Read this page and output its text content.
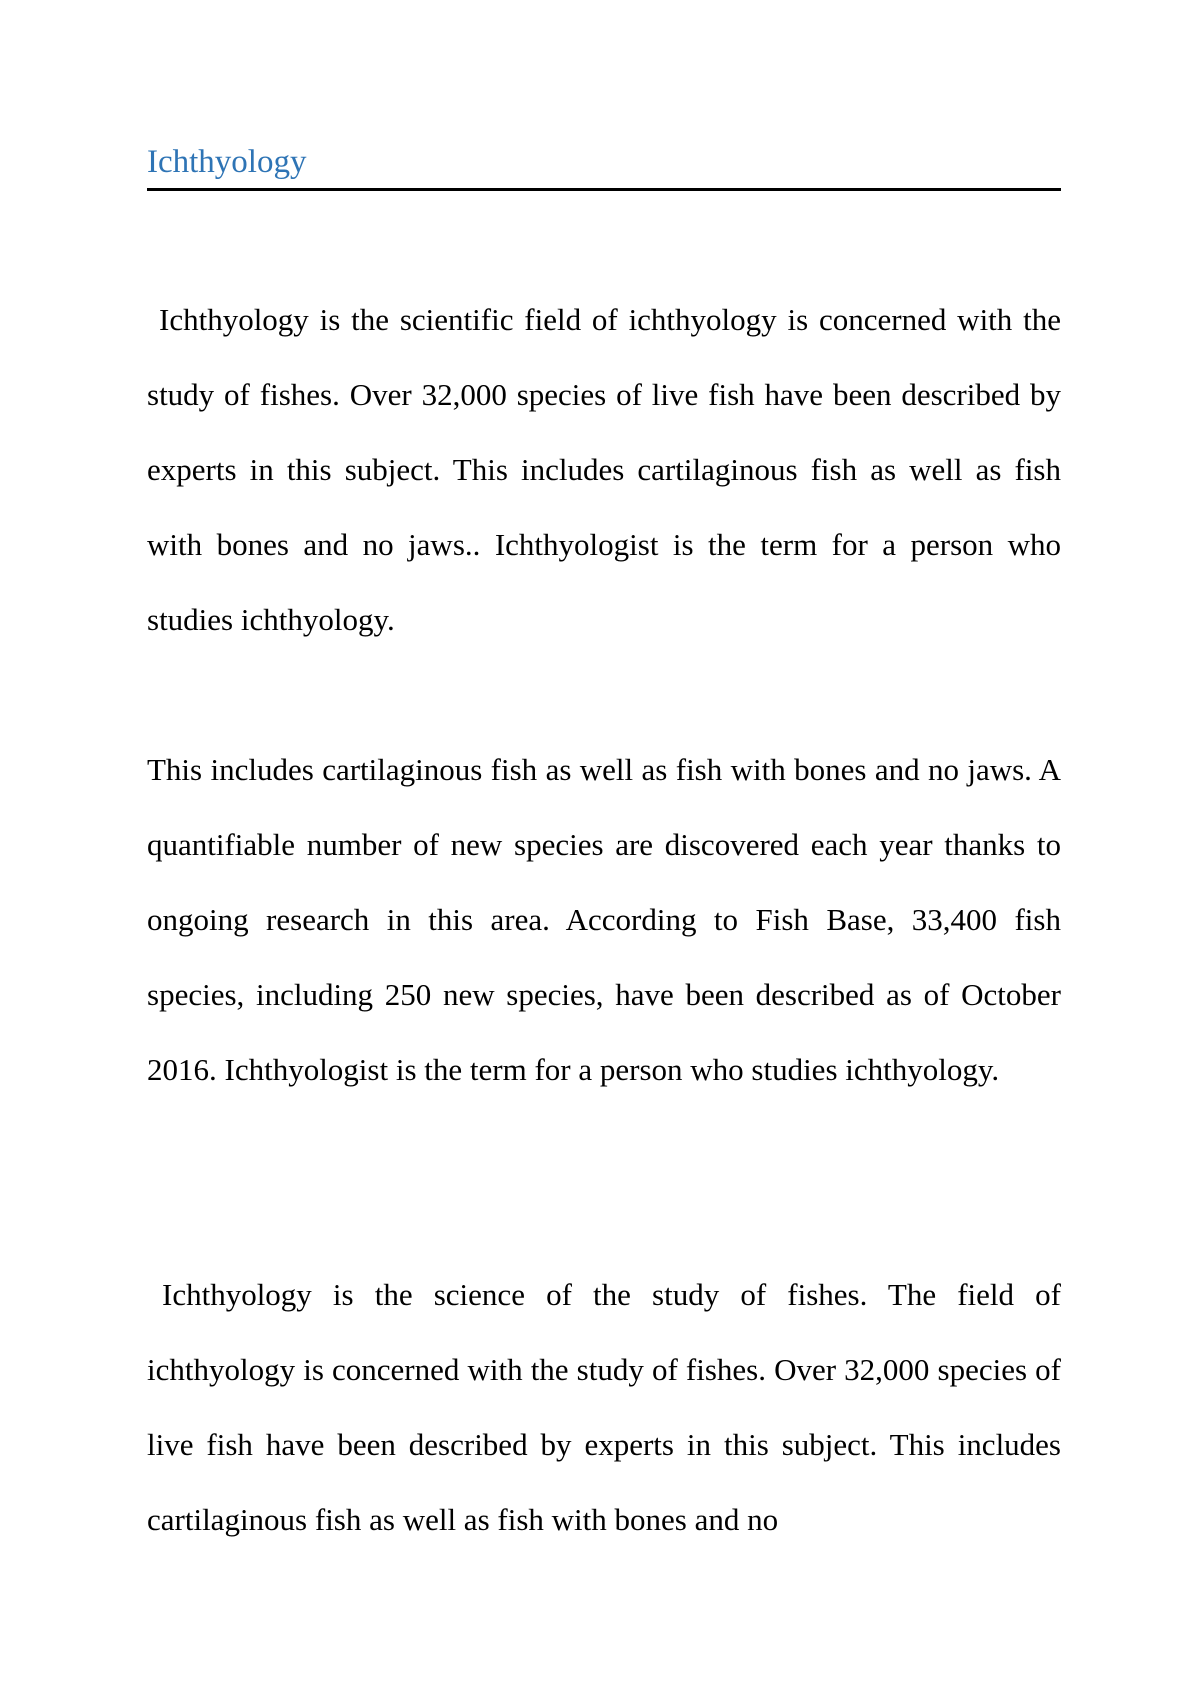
Ichthyology

Ichthyology is the scientific field of ichthyology is concerned with the study of fishes. Over 32,000 species of live fish have been described by experts in this subject. This includes cartilaginous fish as well as fish with bones and no jaws.. Ichthyologist is the term for a person who studies ichthyology.

This includes cartilaginous fish as well as fish with bones and no jaws. A quantifiable number of new species are discovered each year thanks to ongoing research in this area. According to Fish Base, 33,400 fish species, including 250 new species, have been described as of October 2016. Ichthyologist is the term for a person who studies ichthyology.

Ichthyology is the science of the study of fishes. The field of ichthyology is concerned with the study of fishes. Over 32,000 species of live fish have been described by experts in this subject. This includes cartilaginous fish as well as fish with bones and no
